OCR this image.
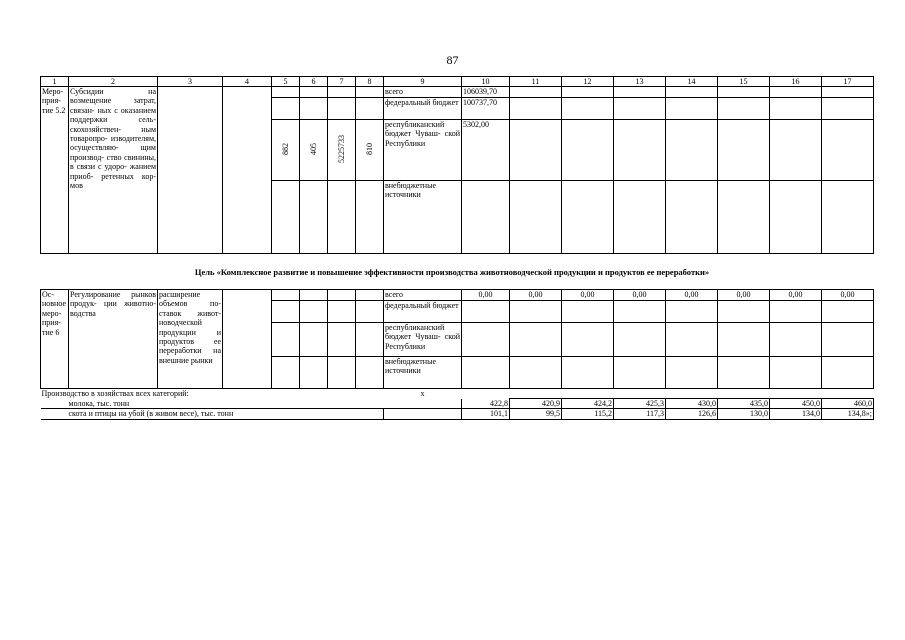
87
1	2	3	4	5	6	7	8	9	10	11	12	13	14	15	16	17
Меро- прия- тие 5.2	Субсидии на возмещение затрат, связан- ных с оказанием поддержки сель- скохозяйствен- ным товаропро- изводителям, осуществляю- щим производ- ство свинины, в связи с удоро- жанием приоб- ретенных кор- мов							всего	106039,70							
								федеральный бюджет	100737,70							
				882	405	5225733	810	республиканский бюджет Чуваш- ской Республики	5302,00							
								внебюджетные источники								
Цель «Комплексное развитие и повышение эффективности производства животноводческой продукции и продуктов ее переработки»
Ос- новное меро- прия- тие 6	Регулирование рынков продук- ции животно- водства	расширение объемов по- ставок живот- новодческой продукции и продуктов ее переработки на внешние рынки						всего	0,00	0,00	0,00	0,00	0,00	0,00	0,00	0,00
								федеральный бюджет								
								республиканский бюджет Чуваш- ской Республики								
								внебюджетные источники								
Производство в хозяйствах всех категорий:								х								
молока, тыс. тонн									422,8	420,9	424,2	425,3	430,0	435,0	450,0	460,0
скота и птицы на убой (в живом весе), тыс. тонн									101,1	99,5	115,2	117,3	126,6	130,0	134,0	134,8»;
